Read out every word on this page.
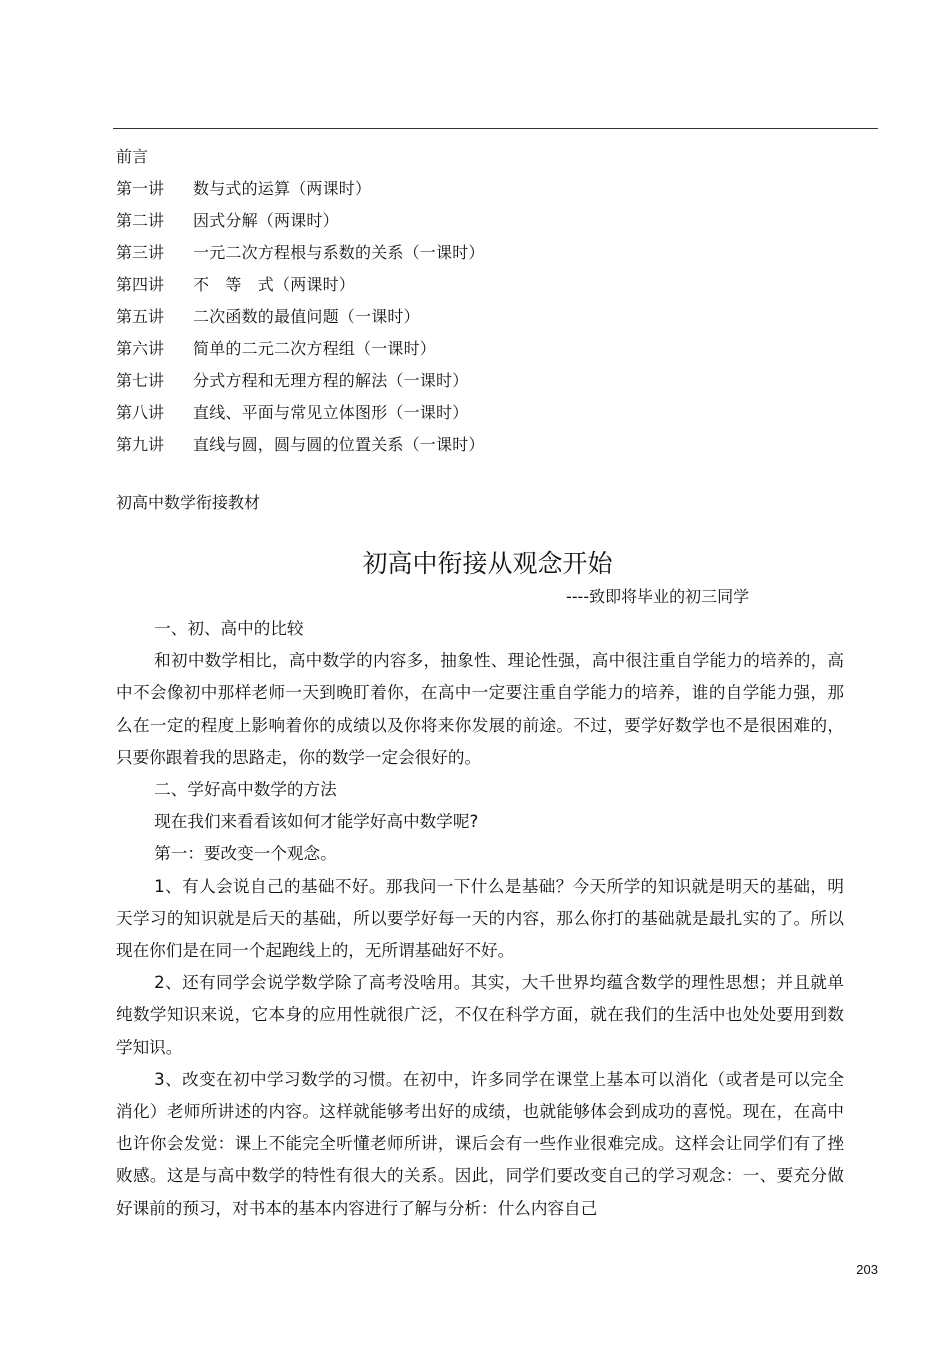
前言
第一讲	数与式的运算（两课时）
第二讲	因式分解（两课时）
第三讲	一元二次方程根与系数的关系（一课时）
第四讲	不　等　式（两课时）
第五讲	二次函数的最值问题（一课时）
第六讲	简单的二元二次方程组（一课时）
第七讲	分式方程和无理方程的解法（一课时）
第八讲	直线、平面与常见立体图形（一课时）
第九讲	直线与圆，圆与圆的位置关系（一课时）
初高中数学衔接教材
初高中衔接从观念开始
----致即将毕业的初三同学

一、初、高中的比较

和初中数学相比，高中数学的内容多，抽象性、理论性强，高中很注重自学能力的培养的，高中不会像初中那样老师一天到晚盯着你，在高中一定要注重自学能力的培养，谁的自学能力强，那么在一定的程度上影响着你的成绩以及你将来你发展的前途。不过，要学好数学也不是很困难的，只要你跟着我的思路走，你的数学一定会很好的。

二、学好高中数学的方法

现在我们来看看该如何才能学好高中数学呢?

第一：要改变一个观念。

1、有人会说自己的基础不好。那我问一下什么是基础？今天所学的知识就是明天的基础，明天学习的知识就是后天的基础，所以要学好每一天的内容，那么你打的基础就是最扎实的了。所以现在你们是在同一个起跑线上的，无所谓基础好不好。

2、还有同学会说学数学除了高考没啥用。其实，大千世界均蕴含数学的理性思想；并且就单纯数学知识来说，它本身的应用性就很广泛，不仅在科学方面，就在我们的生活中也处处要用到数学知识。

3、改变在初中学习数学的习惯。在初中，许多同学在课堂上基本可以消化（或者是可以完全消化）老师所讲述的内容。这样就能够考出好的成绩，也就能够体会到成功的喜悦。现在，在高中也许你会发觉：课上不能完全听懂老师所讲，课后会有一些作业很难完成。这样会让同学们有了挫败感。这是与高中数学的特性有很大的关系。因此，同学们要改变自己的学习观念：一、要充分做好课前的预习，对书本的基本内容进行了解与分析：什么内容自己

203
